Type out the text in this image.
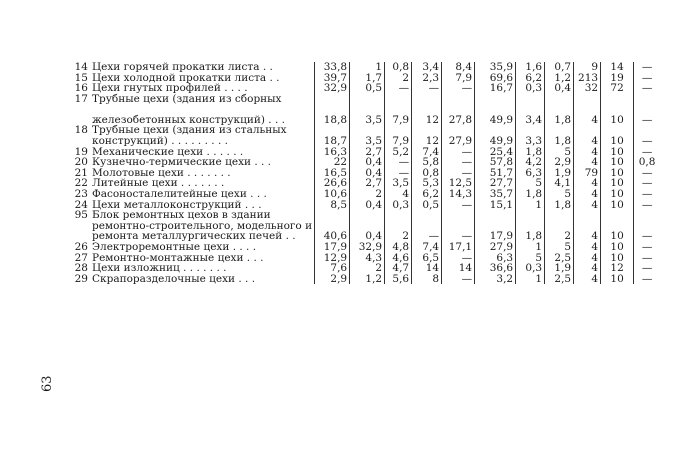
63
14	Цехи горячей прокатки листа . .	33,8	1	0,8	3,4	8,4	35,9	1,6	0,7	9	14	—
15	Цехи холодной прокатки листа . .	39,7	1,7	2	2,3	7,9	69,6	6,2	1,2	213	19	—
16	Цехи гнутых профилей . . . .	32,9	0,5	—	—	—	16,7	0,3	0,4	32	72	—
17	Трубные цехи (здания из сборных											
	железобетонных конструкций) . . .	18,8	3,5	7,9	12	27,8	49,9	3,4	1,8	4	10	—
18	Трубные цехи (здания из стальных											
	конструкций) . . . . . . . . .	18,7	3,5	7,9	12	27,9	49,9	3,3	1,8	4	10	—
19	Механические цехи . . . . . .	16,3	2,7	5,2	7,4	—	25,4	1,8	5	4	10	—
20	Кузнечно-термические цехи . . .	22	0,4	—	5,8	—	57,8	4,2	2,9	4	10	0,8
21	Молотовые цехи . . . . . . .	16,5	0,4	—	0,8	—	51,7	6,3	1,9	79	10	—
22	Литейные цехи . . . . . . .	26,6	2,7	3,5	5,3	12,5	27,7	5	4,1	4	10	—
23	Фасоносталелитейные цехи . . .	10,6	2	4	6,2	14,3	35,7	1,8	5	4	10	—
24	Цехи металлоконструкций . . .	8,5	0,4	0,3	0,5	—	15,1	1	1,8	4	10	—
95	Блок ремонтных цехов в здании											
	ремонтно-строительного, модельного и											
	ремонта металлургических печей . .	40,6	0,4	2	—	—	17,9	1,8	2	4	10	—
26	Электроремонтные цехи . . . .	17,9	32,9	4,8	7,4	17,1	27,9	1	5	4	10	—
27	Ремонтно-монтажные цехи . . .	12,9	4,3	4,6	6,5	—	6,3	5	2,5	4	10	—
28	Цехи изложниц . . . . . . .	7,6	2	4,7	14	14	36,6	0,3	1,9	4	12	—
29	Скрапоразделочные цехи . . .	2,9	1,2	5,6	8	—	3,2	1	2,5	4	10	—
